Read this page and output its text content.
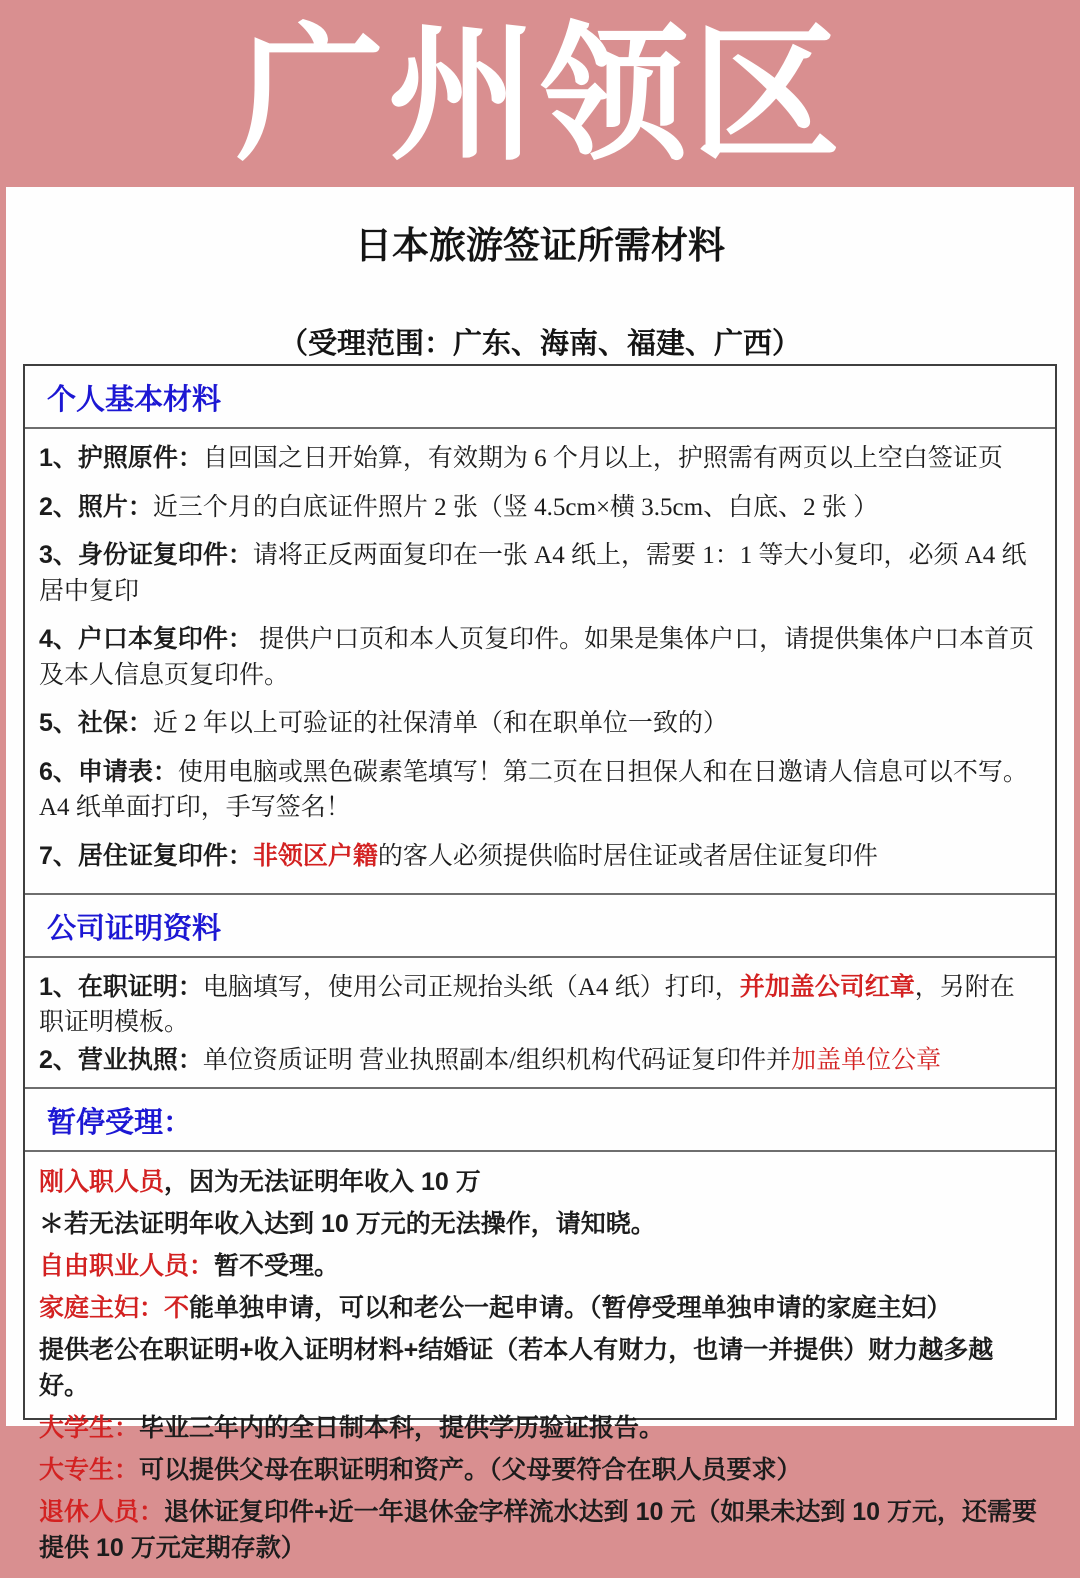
广州领区
日本旅游签证所需材料
（受理范围：广东、海南、福建、广西）
个人基本材料

1、护照原件：自回国之日开始算，有效期为 6 个月以上，护照需有两页以上空白签证页

2、照片：近三个月的白底证件照片 2 张（竖 4.5cm×横 3.5cm、白底、2 张 ）

3、身份证复印件：请将正反两面复印在一张 A4 纸上，需要 1：1 等大小复印，必须 A4 纸居中复印

4、户口本复印件： 提供户口页和本人页复印件。如果是集体户口，请提供集体户口本首页及本人信息页复印件。

5、社保：近 2 年以上可验证的社保清单（和在职单位一致的）

6、申请表：使用电脑或黑色碳素笔填写！第二页在日担保人和在日邀请人信息可以不写。A4 纸单面打印，手写签名！

7、居住证复印件：非领区户籍的客人必须提供临时居住证或者居住证复印件

公司证明资料

1、在职证明：电脑填写，使用公司正规抬头纸（A4 纸）打印，并加盖公司红章，另附在职证明模板。

2、营业执照：单位资质证明 营业执照副本/组织机构代码证复印件并加盖单位公章

暂停受理：

刚入职人员，因为无法证明年收入 10 万

＊若无法证明年收入达到 10 万元的无法操作，请知晓。

自由职业人员：暂不受理。

家庭主妇：不能单独申请，可以和老公一起申请。（暂停受理单独申请的家庭主妇）

提供老公在职证明+收入证明材料+结婚证（若本人有财力，也请一并提供）财力越多越好。

大学生：毕业三年内的全日制本科，提供学历验证报告。

大专生：可以提供父母在职证明和资产。（父母要符合在职人员要求）

退休人员：退休证复印件+近一年退休金字样流水达到 10 元（如果未达到 10 万元，还需要提供 10 万元定期存款）
